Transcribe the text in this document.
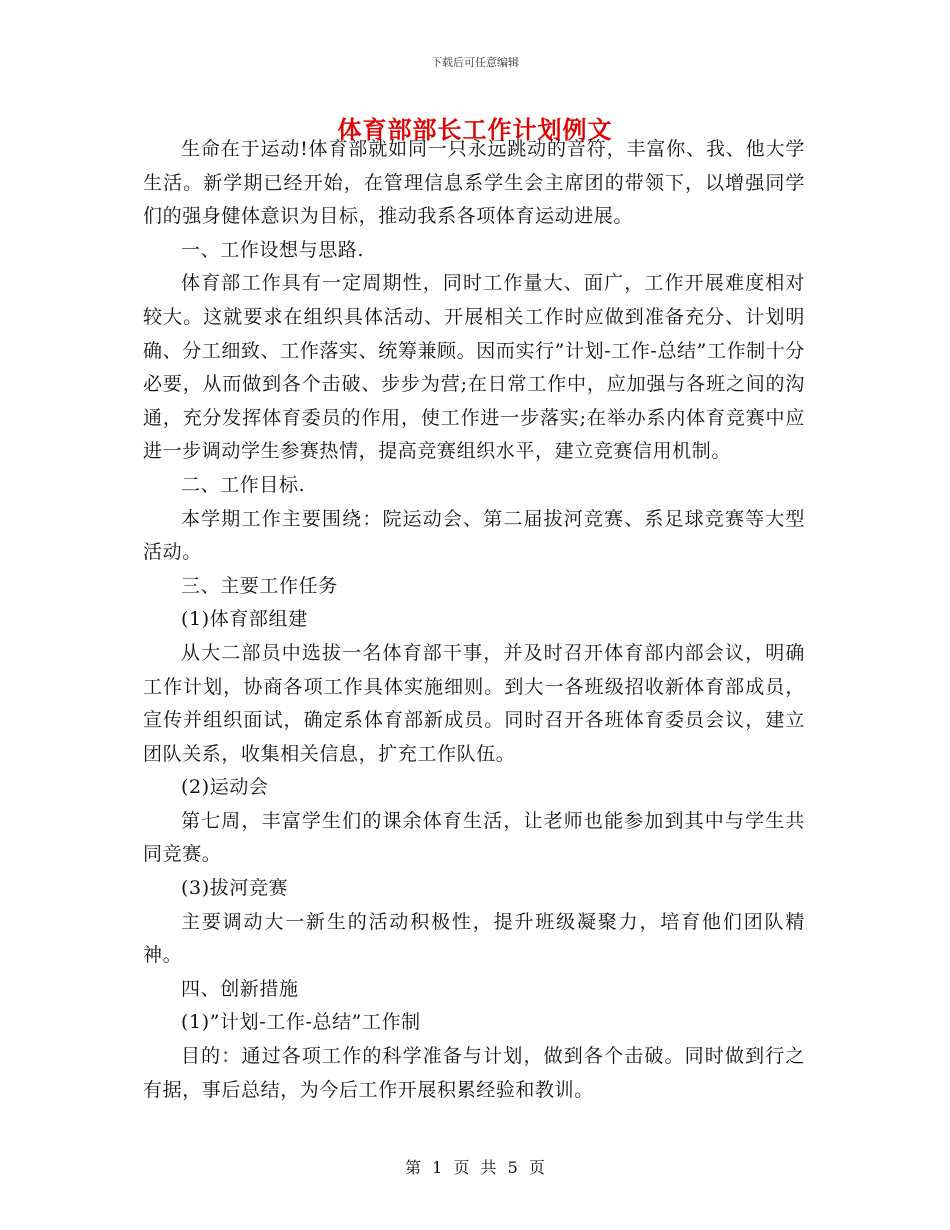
下载后可任意编辑
体育部部长工作计划例文

生命在于运动!体育部就如同一只永远跳动的音符，丰富你、我、他大学生活。新学期已经开始，在管理信息系学生会主席团的带领下，以增强同学们的强身健体意识为目标，推动我系各项体育运动进展。

一、工作设想与思路.

体育部工作具有一定周期性，同时工作量大、面广，工作开展难度相对较大。这就要求在组织具体活动、开展相关工作时应做到准备充分、计划明确、分工细致、工作落实、统筹兼顾。因而实行”计划-工作-总结”工作制十分必要，从而做到各个击破、步步为营;在日常工作中，应加强与各班之间的沟通，充分发挥体育委员的作用，使工作进一步落实;在举办系内体育竞赛中应进一步调动学生参赛热情，提高竞赛组织水平，建立竞赛信用机制。

二、工作目标.

本学期工作主要围绕：院运动会、第二届拔河竞赛、系足球竞赛等大型活动。

三、主要工作任务

(1)体育部组建

从大二部员中选拔一名体育部干事，并及时召开体育部内部会议，明确工作计划，协商各项工作具体实施细则。到大一各班级招收新体育部成员，宣传并组织面试，确定系体育部新成员。同时召开各班体育委员会议，建立团队关系，收集相关信息，扩充工作队伍。

(2)运动会

第七周，丰富学生们的课余体育生活，让老师也能参加到其中与学生共同竞赛。

(3)拔河竞赛

主要调动大一新生的活动积极性，提升班级凝聚力，培育他们团队精神。

四、创新措施

(1)”计划-工作-总结”工作制

目的：通过各项工作的科学准备与计划，做到各个击破。同时做到行之有据，事后总结，为今后工作开展积累经验和教训。

第 1 页 共 5 页
